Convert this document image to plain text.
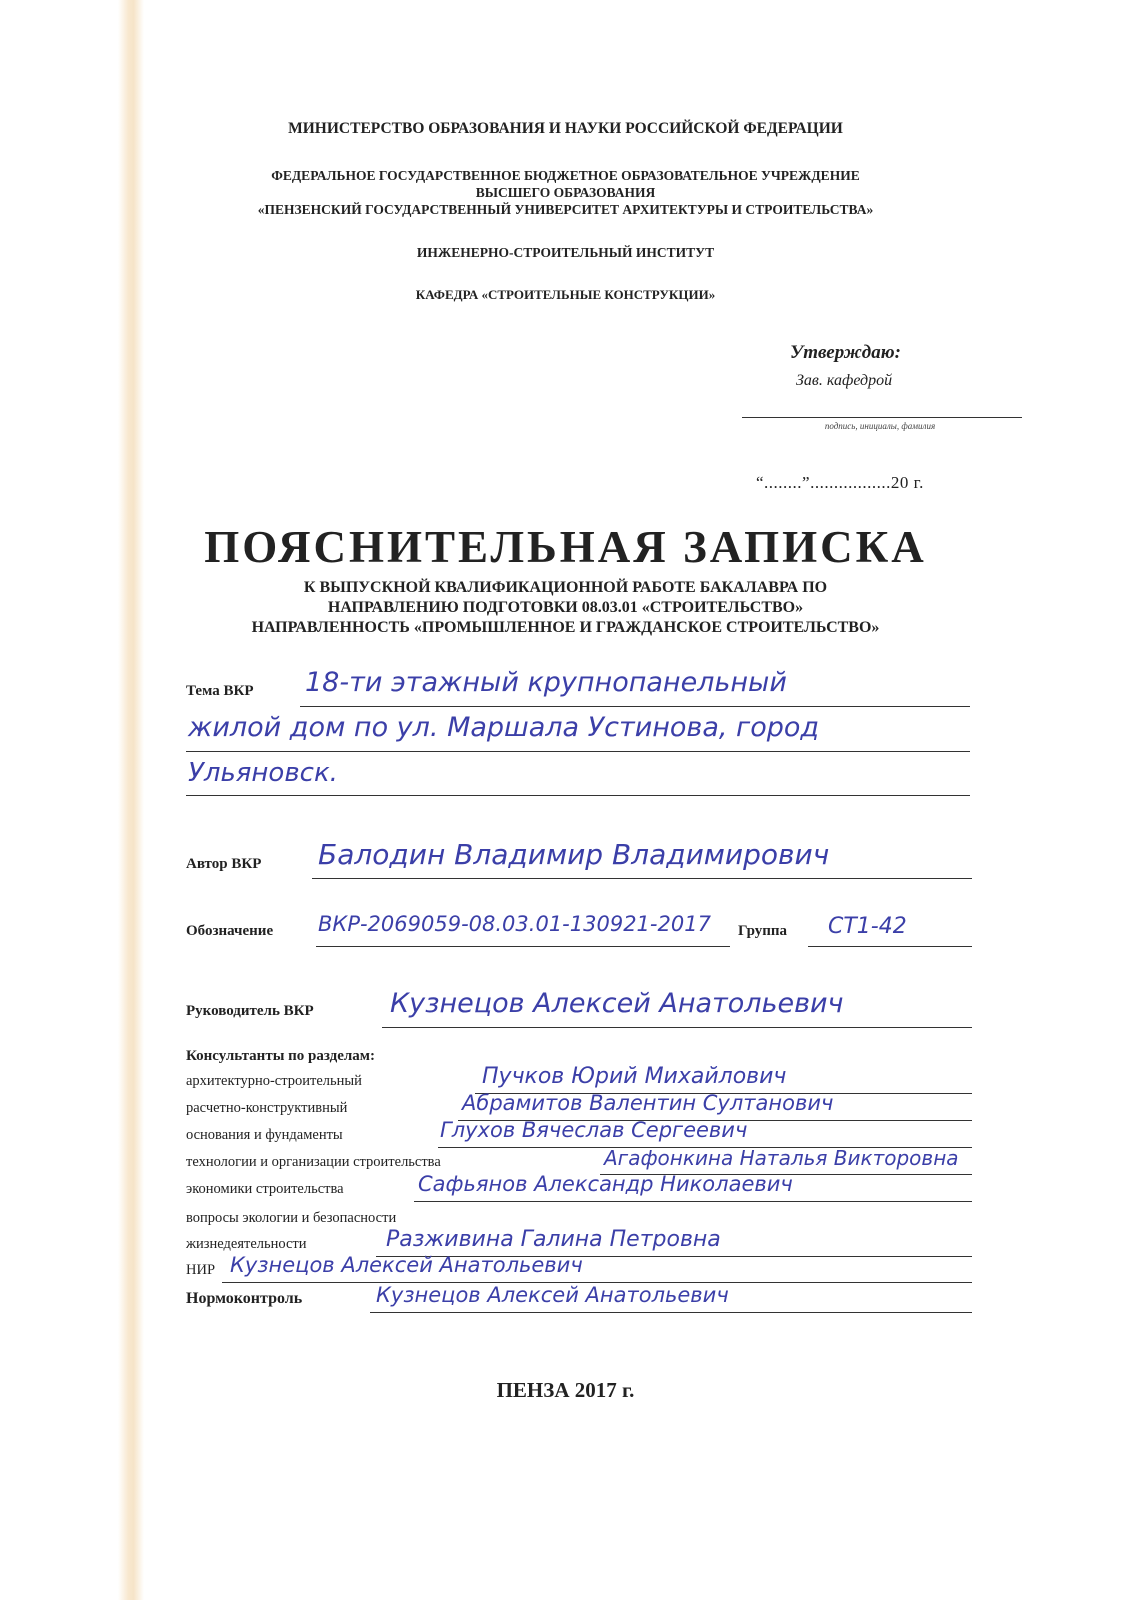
МИНИСТЕРСТВО ОБРАЗОВАНИЯ И НАУКИ РОССИЙСКОЙ ФЕДЕРАЦИИ
ФЕДЕРАЛЬНОЕ ГОСУДАРСТВЕННОЕ БЮДЖЕТНОЕ ОБРАЗОВАТЕЛЬНОЕ УЧРЕЖДЕНИЕ
ВЫСШЕГО ОБРАЗОВАНИЯ
«ПЕНЗЕНСКИЙ ГОСУДАРСТВЕННЫЙ УНИВЕРСИТЕТ АРХИТЕКТУРЫ И СТРОИТЕЛЬСТВА»
ИНЖЕНЕРНО-СТРОИТЕЛЬНЫЙ ИНСТИТУТ
КАФЕДРА «СТРОИТЕЛЬНЫЕ КОНСТРУКЦИИ»
Утверждаю:
Зав. кафедрой
подпись, инициалы, фамилия
“........”.................20 г.
ПОЯСНИТЕЛЬНАЯ ЗАПИСКА
К ВЫПУСКНОЙ КВАЛИФИКАЦИОННОЙ РАБОТЕ БАКАЛАВРА ПО
НАПРАВЛЕНИЮ ПОДГОТОВКИ 08.03.01 «СТРОИТЕЛЬСТВО»
НАПРАВЛЕННОСТЬ «ПРОМЫШЛЕННОЕ И ГРАЖДАНСКОЕ СТРОИТЕЛЬСТВО»
Тема ВКР 18-ти этажный крупнопанельный
жилой дом по ул. Маршала Устинова, город
Ульяновск.
Автор ВКР Балодин Владимир Владимирович
Обозначение ВКР-2069059-08.03.01-130921-2017 Группа СТ1-42
Руководитель ВКР	Кузнецов Алексей Анатольевич
Консультанты по разделам:
архитектурно-строительный	Пучков Юрий Михайлович
расчетно-конструктивный	Абрамитов Валентин Султанович
основания и фундаменты	Глухов Вячеслав Сергеевич
технологии и организации строительства	Агафонкина Наталья Викторовна
экономики строительства	Сафьянов Александр Николаевич
вопросы экологии и безопасности
жизнедеятельности	Разживина Галина Петровна
НИР Кузнецов Алексей Анатольевич
Нормоконтроль	Кузнецов Алексей Анатольевич
ПЕНЗА 2017 г.
